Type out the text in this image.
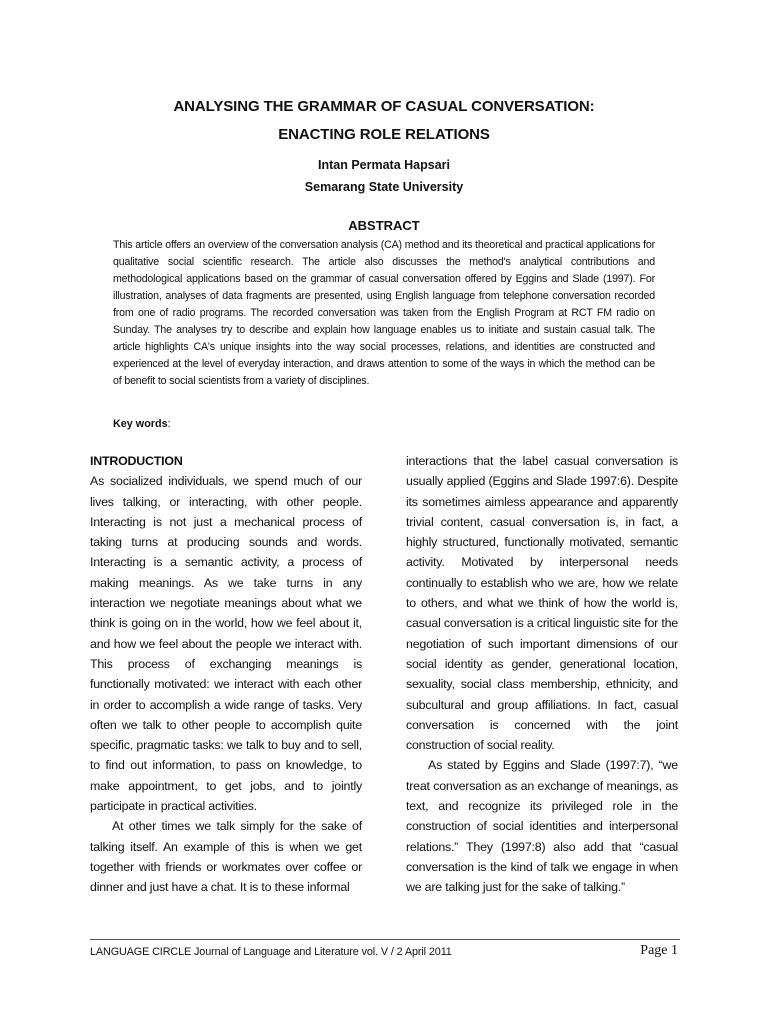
ANALYSING THE GRAMMAR OF CASUAL CONVERSATION:
ENACTING ROLE RELATIONS
Intan Permata Hapsari
Semarang State University
ABSTRACT
This article offers an overview of the conversation analysis (CA) method and its theoretical and practical applications for qualitative social scientific research. The article also discusses the method's analytical contributions and methodological applications based on the grammar of casual conversation offered by Eggins and Slade (1997). For illustration, analyses of data fragments are presented, using English language from telephone conversation recorded from one of radio programs. The recorded conversation was taken from the English Program at RCT FM radio on Sunday. The analyses try to describe and explain how language enables us to initiate and sustain casual talk. The article highlights CA's unique insights into the way social processes, relations, and identities are constructed and experienced at the level of everyday interaction, and draws attention to some of the ways in which the method can be of benefit to social scientists from a variety of disciplines.
Key words:
INTRODUCTION

As socialized individuals, we spend much of our lives talking, or interacting, with other people. Interacting is not just a mechanical process of taking turns at producing sounds and words. Interacting is a semantic activity, a process of making meanings. As we take turns in any interaction we negotiate meanings about what we think is going on in the world, how we feel about it, and how we feel about the people we interact with. This process of exchanging meanings is functionally motivated: we interact with each other in order to accomplish a wide range of tasks. Very often we talk to other people to accomplish quite specific, pragmatic tasks: we talk to buy and to sell, to find out information, to pass on knowledge, to make appointment, to get jobs, and to jointly participate in practical activities.

At other times we talk simply for the sake of talking itself. An example of this is when we get together with friends or workmates over coffee or dinner and just have a chat. It is to these informal

interactions that the label casual conversation is usually applied (Eggins and Slade 1997:6). Despite its sometimes aimless appearance and apparently trivial content, casual conversation is, in fact, a highly structured, functionally motivated, semantic activity. Motivated by interpersonal needs continually to establish who we are, how we relate to others, and what we think of how the world is, casual conversation is a critical linguistic site for the negotiation of such important dimensions of our social identity as gender, generational location, sexuality, social class membership, ethnicity, and subcultural and group affiliations. In fact, casual conversation is concerned with the joint construction of social reality.

As stated by Eggins and Slade (1997:7), “we treat conversation as an exchange of meanings, as text, and recognize its privileged role in the construction of social identities and interpersonal relations.” They (1997:8) also add that “casual conversation is the kind of talk we engage in when we are talking just for the sake of talking.”

LANGUAGE CIRCLE Journal of Language and Literature vol. V / 2 April 2011	Page 1
